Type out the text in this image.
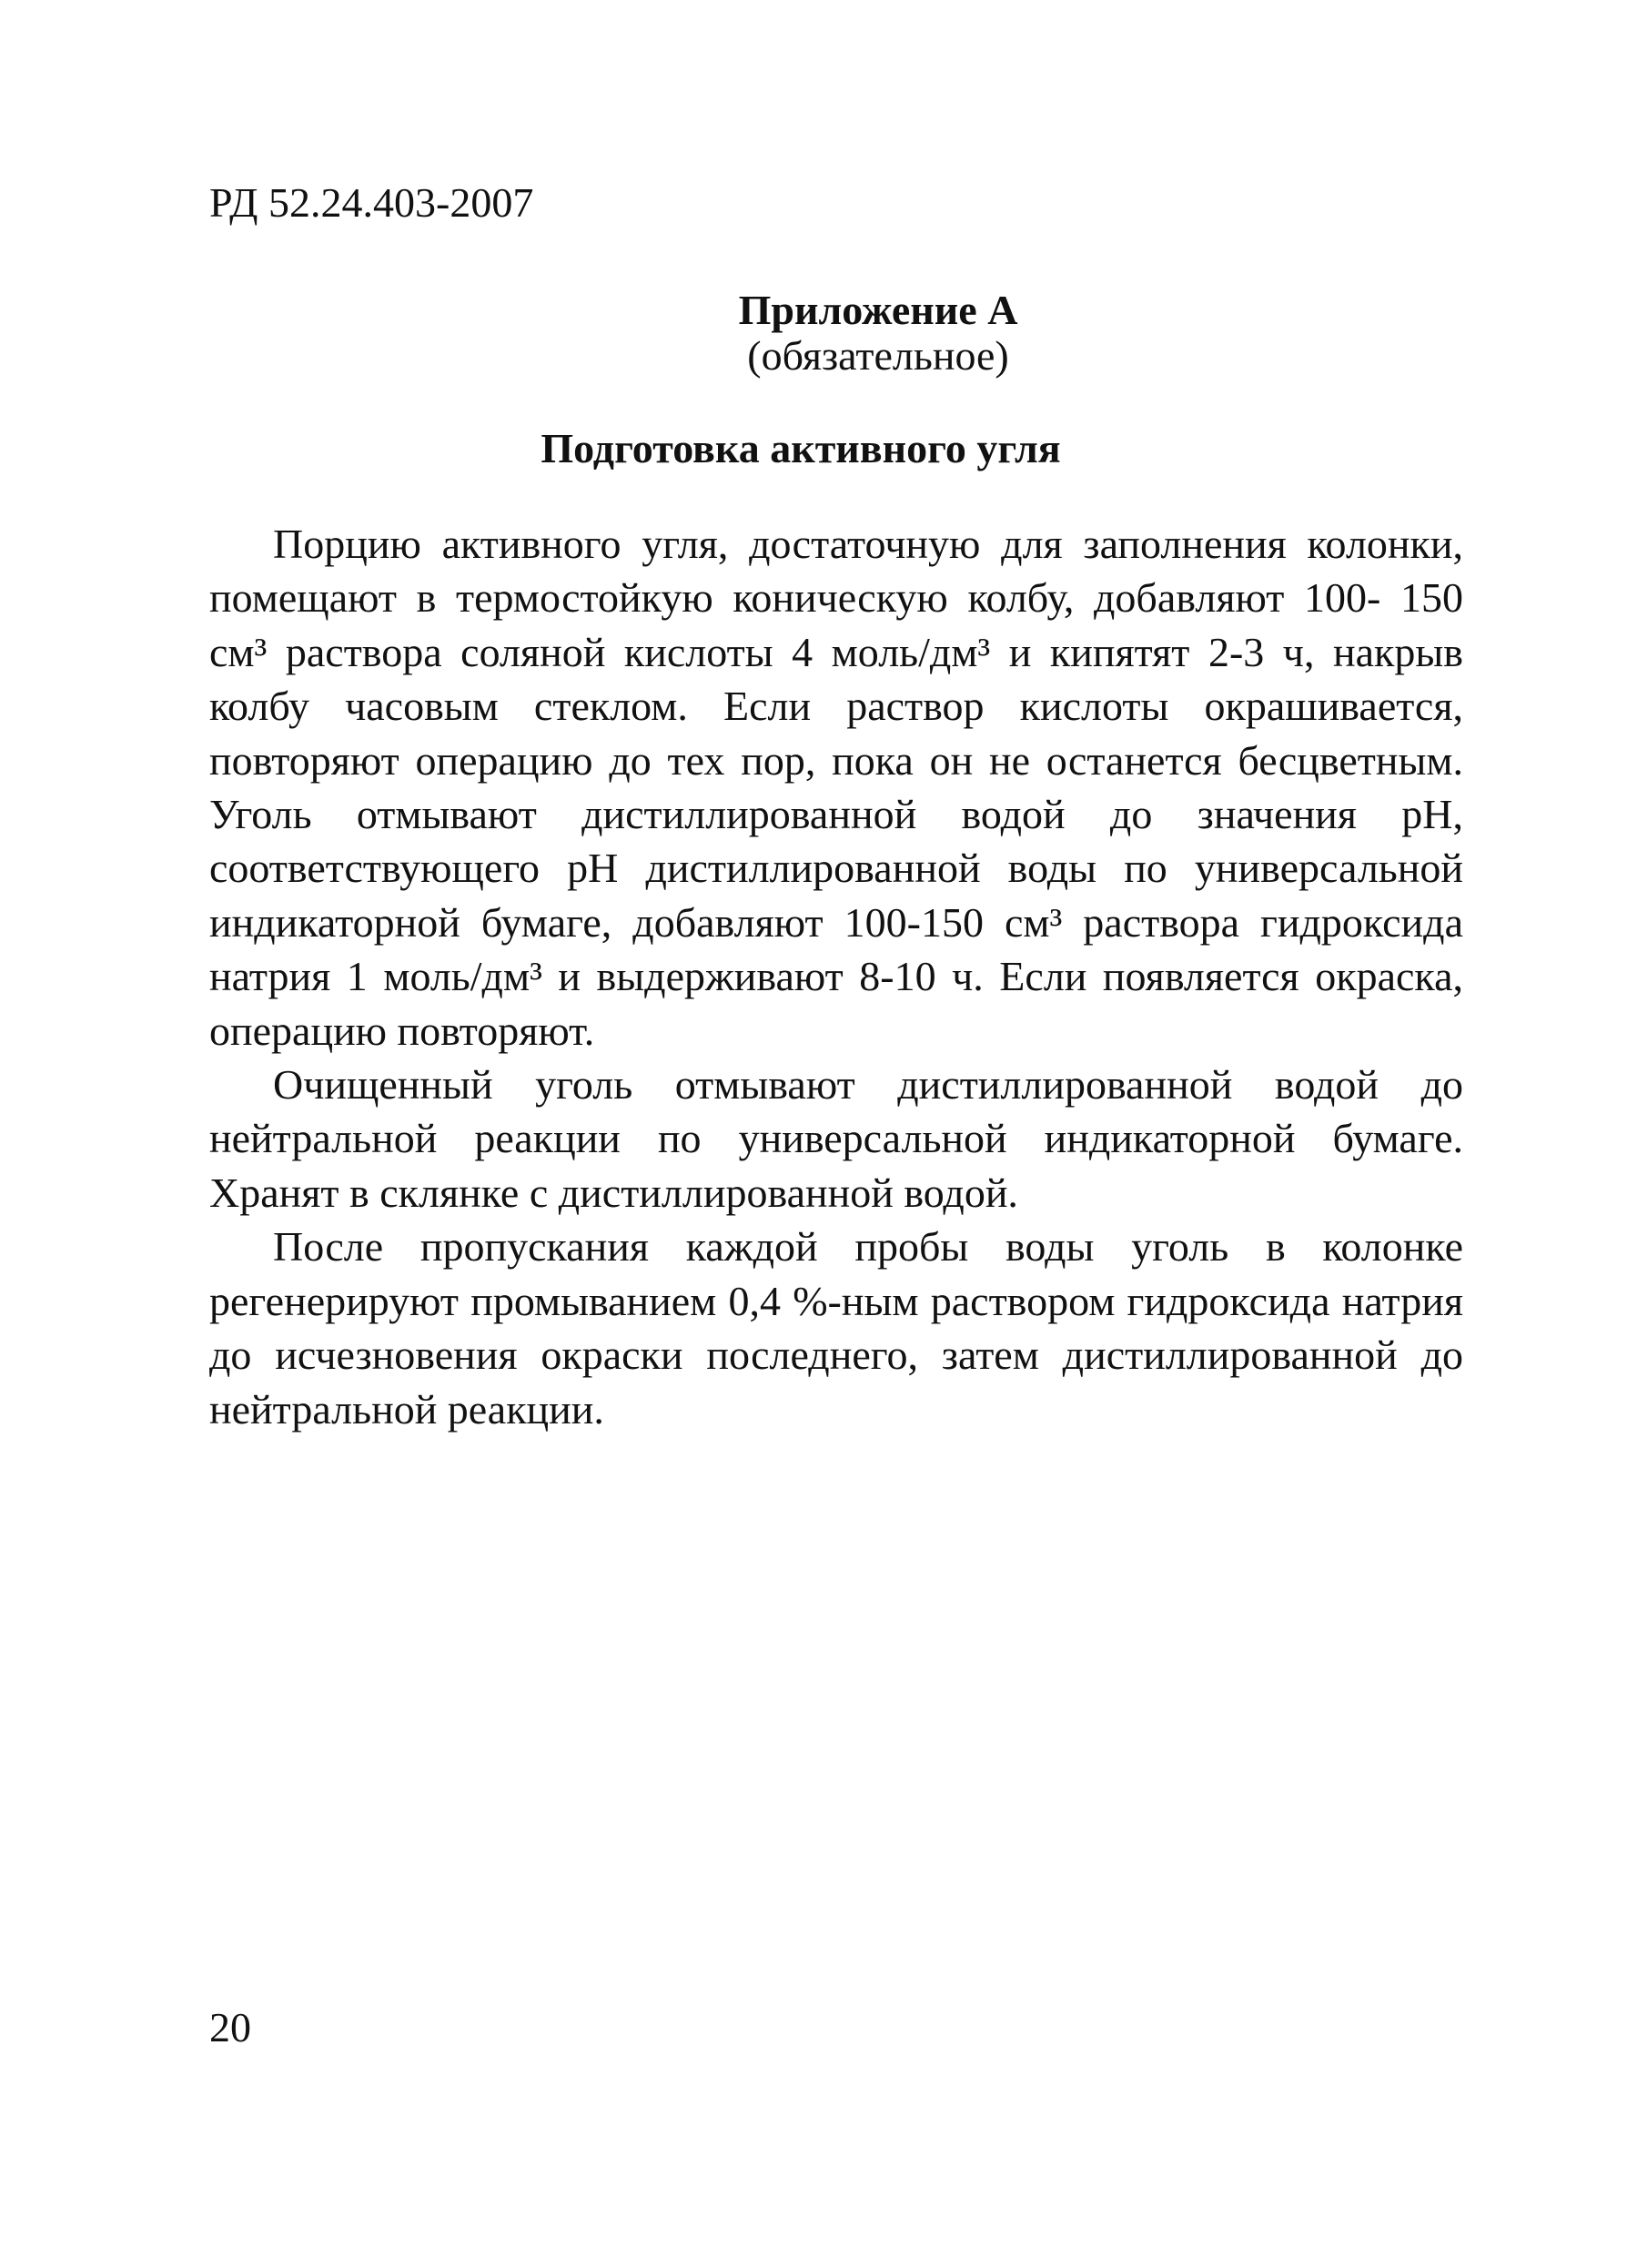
РД 52.24.403-2007
Приложение А
(обязательное)
Подготовка активного угля

Порцию активного угля, достаточную для заполнения колонки, помещают в термостойкую коническую колбу, добавляют 100- 150 см³ раствора соляной кислоты 4 моль/дм³ и кипятят 2-3 ч, накрыв колбу часовым стеклом. Если раствор кислоты окрашивается, повторяют операцию до тех пор, пока он не останется бесцветным. Уголь отмывают дистиллированной водой до значения рН, соответствующего рН дистиллированной воды по универсальной индикаторной бумаге, добавляют 100-150 см³ раствора гидроксида натрия 1 моль/дм³ и выдерживают 8-10 ч. Если появляется окраска, операцию повторяют.

Очищенный уголь отмывают дистиллированной водой до нейтральной реакции по универсальной индикаторной бумаге. Хранят в склянке с дистиллированной водой.

После пропускания каждой пробы воды уголь в колонке регенерируют промыванием 0,4 %-ным раствором гидроксида натрия до исчезновения окраски последнего, затем дистиллированной до нейтральной реакции.

20
